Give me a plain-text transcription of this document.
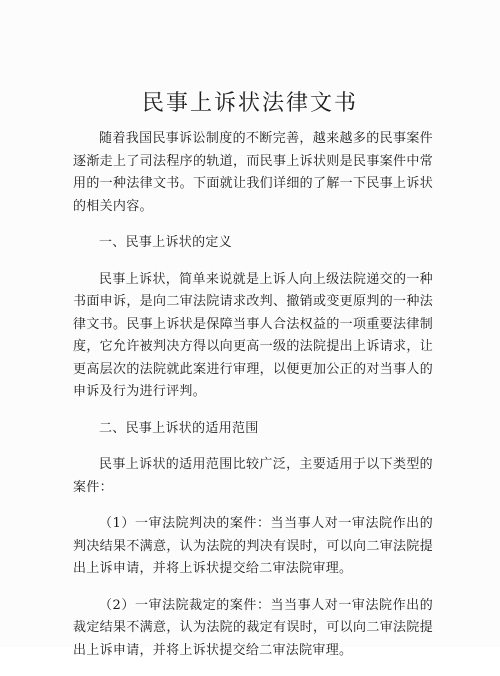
民事上诉状法律文书

随着我国民事诉讼制度的不断完善，越来越多的民事案件逐渐走上了司法程序的轨道，而民事上诉状则是民事案件中常用的一种法律文书。下面就让我们详细的了解一下民事上诉状的相关内容。

一、民事上诉状的定义

民事上诉状，简单来说就是上诉人向上级法院递交的一种书面申诉，是向二审法院请求改判、撤销或变更原判的一种法律文书。民事上诉状是保障当事人合法权益的一项重要法律制度，它允许被判决方得以向更高一级的法院提出上诉请求，让更高层次的法院就此案进行审理，以便更加公正的对当事人的申诉及行为进行评判。

二、民事上诉状的适用范围

民事上诉状的适用范围比较广泛，主要适用于以下类型的案件：

（1）一审法院判决的案件：当当事人对一审法院作出的判决结果不满意，认为法院的判决有误时，可以向二审法院提出上诉申请，并将上诉状提交给二审法院审理。

（2）一审法院裁定的案件：当当事人对一审法院作出的裁定结果不满意，认为法院的裁定有误时，可以向二审法院提出上诉申请，并将上诉状提交给二审法院审理。
